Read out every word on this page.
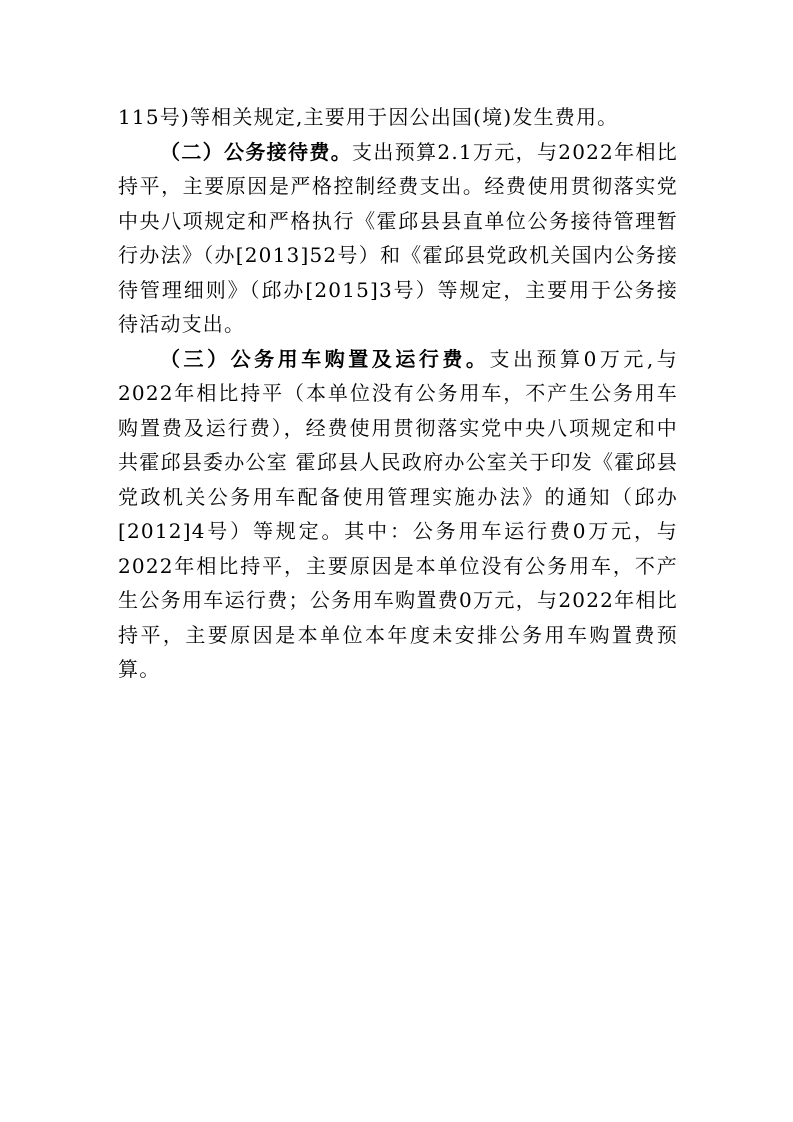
115号)等相关规定,主要用于因公出国(境)发生费用。

（二）公务接待费。支出预算2.1万元，与2022年相比持平，主要原因是严格控制经费支出。经费使用贯彻落实党中央八项规定和严格执行《霍邱县县直单位公务接待管理暂行办法》（办[2013]52号）和《霍邱县党政机关国内公务接待管理细则》（邱办[2015]3号）等规定，主要用于公务接待活动支出。

（三）公务用车购置及运行费。支出预算0万元,与2022年相比持平（本单位没有公务用车，不产生公务用车购置费及运行费），经费使用贯彻落实党中央八项规定和中共霍邱县委办公室 霍邱县人民政府办公室关于印发《霍邱县党政机关公务用车配备使用管理实施办法》的通知（邱办[2012]4号）等规定。其中：公务用车运行费0万元，与2022年相比持平，主要原因是本单位没有公务用车，不产生公务用车运行费；公务用车购置费0万元，与2022年相比持平，主要原因是本单位本年度未安排公务用车购置费预算。
